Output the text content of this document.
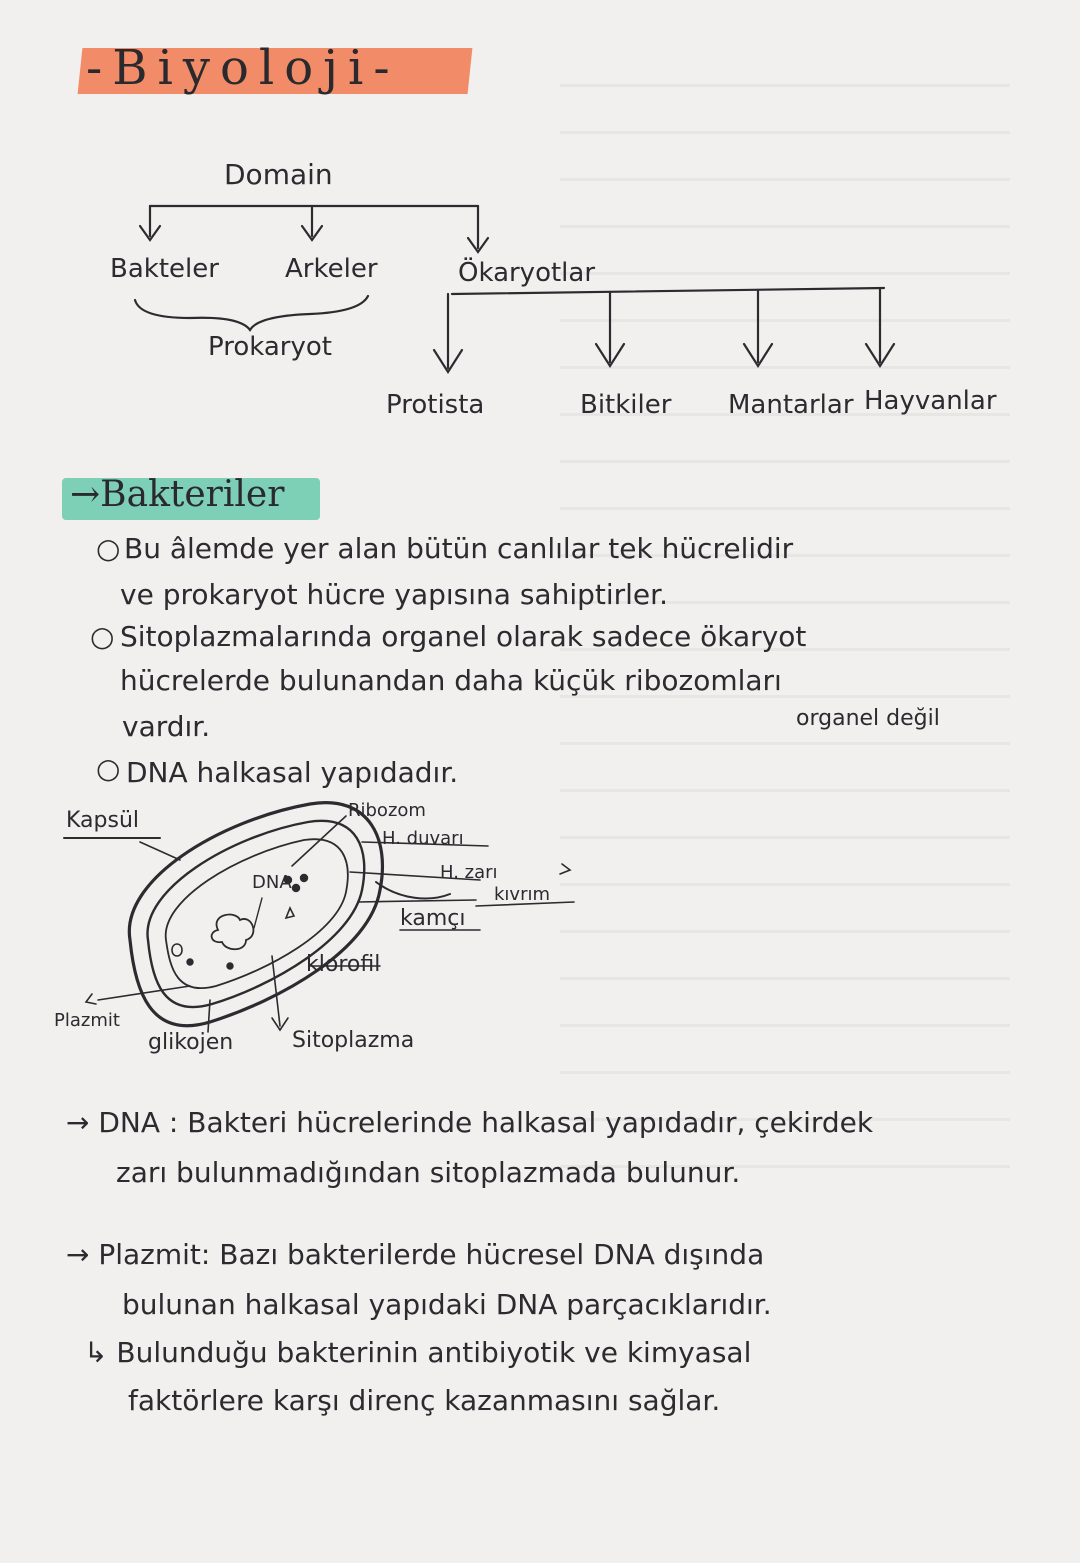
-Biyoloji-
Domain
Bakteler	Arkeler	Ökaryotlar
Prokaryot
Protista	Bitkiler Mantarlar Hayvanlar
→Bakteriler
○ Bu âlemde yer alan bütün canlılar tek hücrelidir
ve prokaryot hücre yapısına sahiptirler.
○ Sitoplazmalarında organel olarak sadece ökaryot
hücrelerde bulunandan daha küçük ribozomları
vardır.	organel değil
○ DNA halkasal yapıdadır.
Kapsül	Ribozom
H. duvarı
H. zarı
kıvrım
kamçı
DNA
klorofil
Plazmit
glikojen	Sitoplazma
→ DNA : Bakteri hücrelerinde halkasal yapıdadır, çekirdek
zarı bulunmadığından sitoplazmada bulunur.
→ Plazmit: Bazı bakterilerde hücresel DNA dışında
bulunan halkasal yapıdaki DNA parçacıklarıdır.
↳ Bulunduğu bakterinin antibiyotik ve kimyasal
faktörlere karşı direnç kazanmasını sağlar.
